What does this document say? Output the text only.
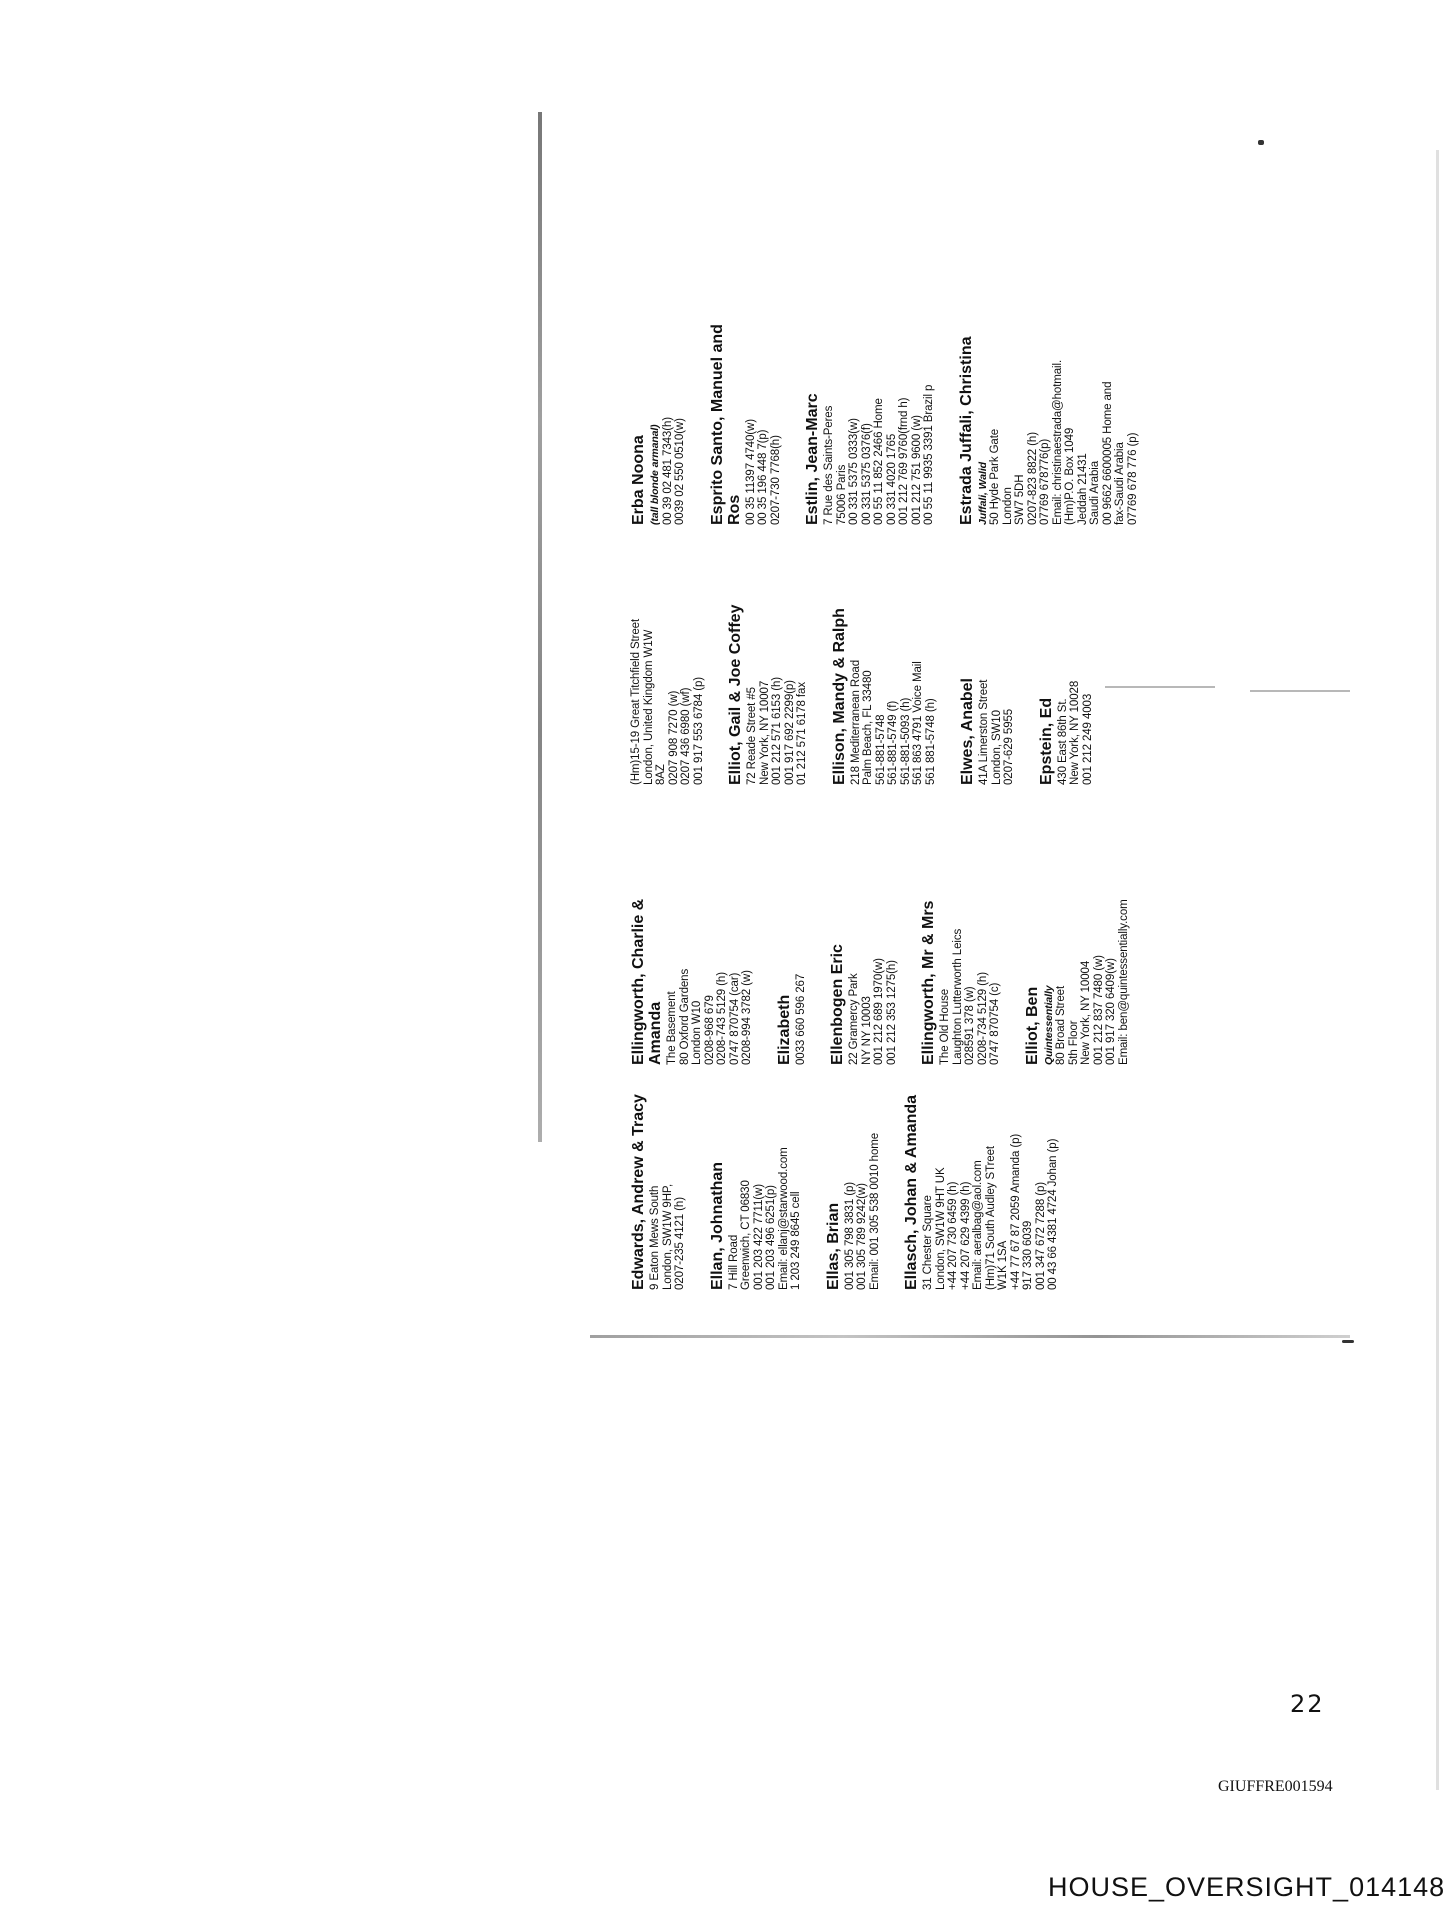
Edwards, Andrew & Tracy 9 Eaton Mews South London, SW1W 9HP, 0207-235 4121 (h) Ellan, Johnathan 7 Hill Road Greenwich, CT 06830 001 203 422 7711(w) 001 203 496 6251(p) Email: ellanj@starwood.com 1 203 249 8645 cell Ellas, Brian 001 305 798 3831 (p) 001 305 789 9242(w) Email: 001 305 538 0010 home Ellasch, Johan & Amanda 31 Chester Square London, SW1W 9HT UK +44 207 730 6459 (h) +44 207 629 4399 (h) Email: aeralbag@aol.com (Hm)71 South Audley STreet W1K 1SA +44 77 67 87 2059 Amanda (p) 917 330 6039 001 347 672 7288 (p) 00 43 66 4381 4724 Johan (p)
Ellingworth, Charlie & Amanda The Basement 80 Oxford Gardens London W10 0208-968 679 0208-743 5129 (h) 0747 870754 (car) 0208-994 3782 (w) Elizabeth 0033 660 596 267 Ellenbogen Eric 22 Gramercy Park NY NY 10003 001 212 689 1970(w) 001 212 353 1275(h) Ellingworth, Mr & Mrs The Old House Laughton Lutterworth Leics 028591 378 (w) 0208-734 5129 (h) 0747 870754 (c) Elliot, Ben Quintessentially 80 Broad Street 5th Floor New York, NY 10004 001 212 837 7480 (w) 001 917 320 6409(w) Email: ben@quintessentially.com
(Hm)15-19 Great Titchfield Street London, United Kingdom W1W 8AZ 0207 908 7270 (w) 0207 436 6980 (wf) 001 917 553 6784 (p) Elliot, Gail & Joe Coffey 72 Reade Street #5 New York, NY 10007 001 212 571 6153 (h) 001 917 692 2299(p) 01 212 571 6178 fax Ellison, Mandy & Ralph 218 Mediterranean Road Palm Beach, FL 33480 561-881-5748 561-881-5749 (f) 561-881-5093 (h) 561 863 4791 Voice Mail 561 881-5748 (h) Elwes, Anabel 41A Limerston Street London, SW10 0207-629 5955 Epstein, Ed 430 East 86th St. New York, NY 10028 001 212 249 4003
Erba Noona (tall blonde armanal) 00 39 02 481 7343(h) 0039 02 550 0510(w) Esprito Santo, Manuel and Ros 00 35 11397 4740(w) 00 35 196 448 7(p) 0207-730 7768(h) Estlin, Jean-Marc 7 Rue des Saints-Peres 75006 Paris 00 331 5375 0333(w) 00 331 5375 0376(f) 00 55 11 852 2466 Home 00 331 4020 1765 001 212 769 9760(frnd h) 001 212 751 9600 (w) 00 55 11 9935 3391 Brazil p Estrada Juffali, Christina Juffali, Walid 50 Hyde Park Gate London SW7 5DH 0207-823 8822 (h) 07769 678776(p) Email: christinaestrada@hotmail. (Hm)P.O. Box 1049 Jeddah 21431 Saudi Arabia 00 9662 6600005 Home and fax-Saudi Arabia 07769 678 776 (p)
22
GIUFFRE001594
HOUSE_OVERSIGHT_014148
